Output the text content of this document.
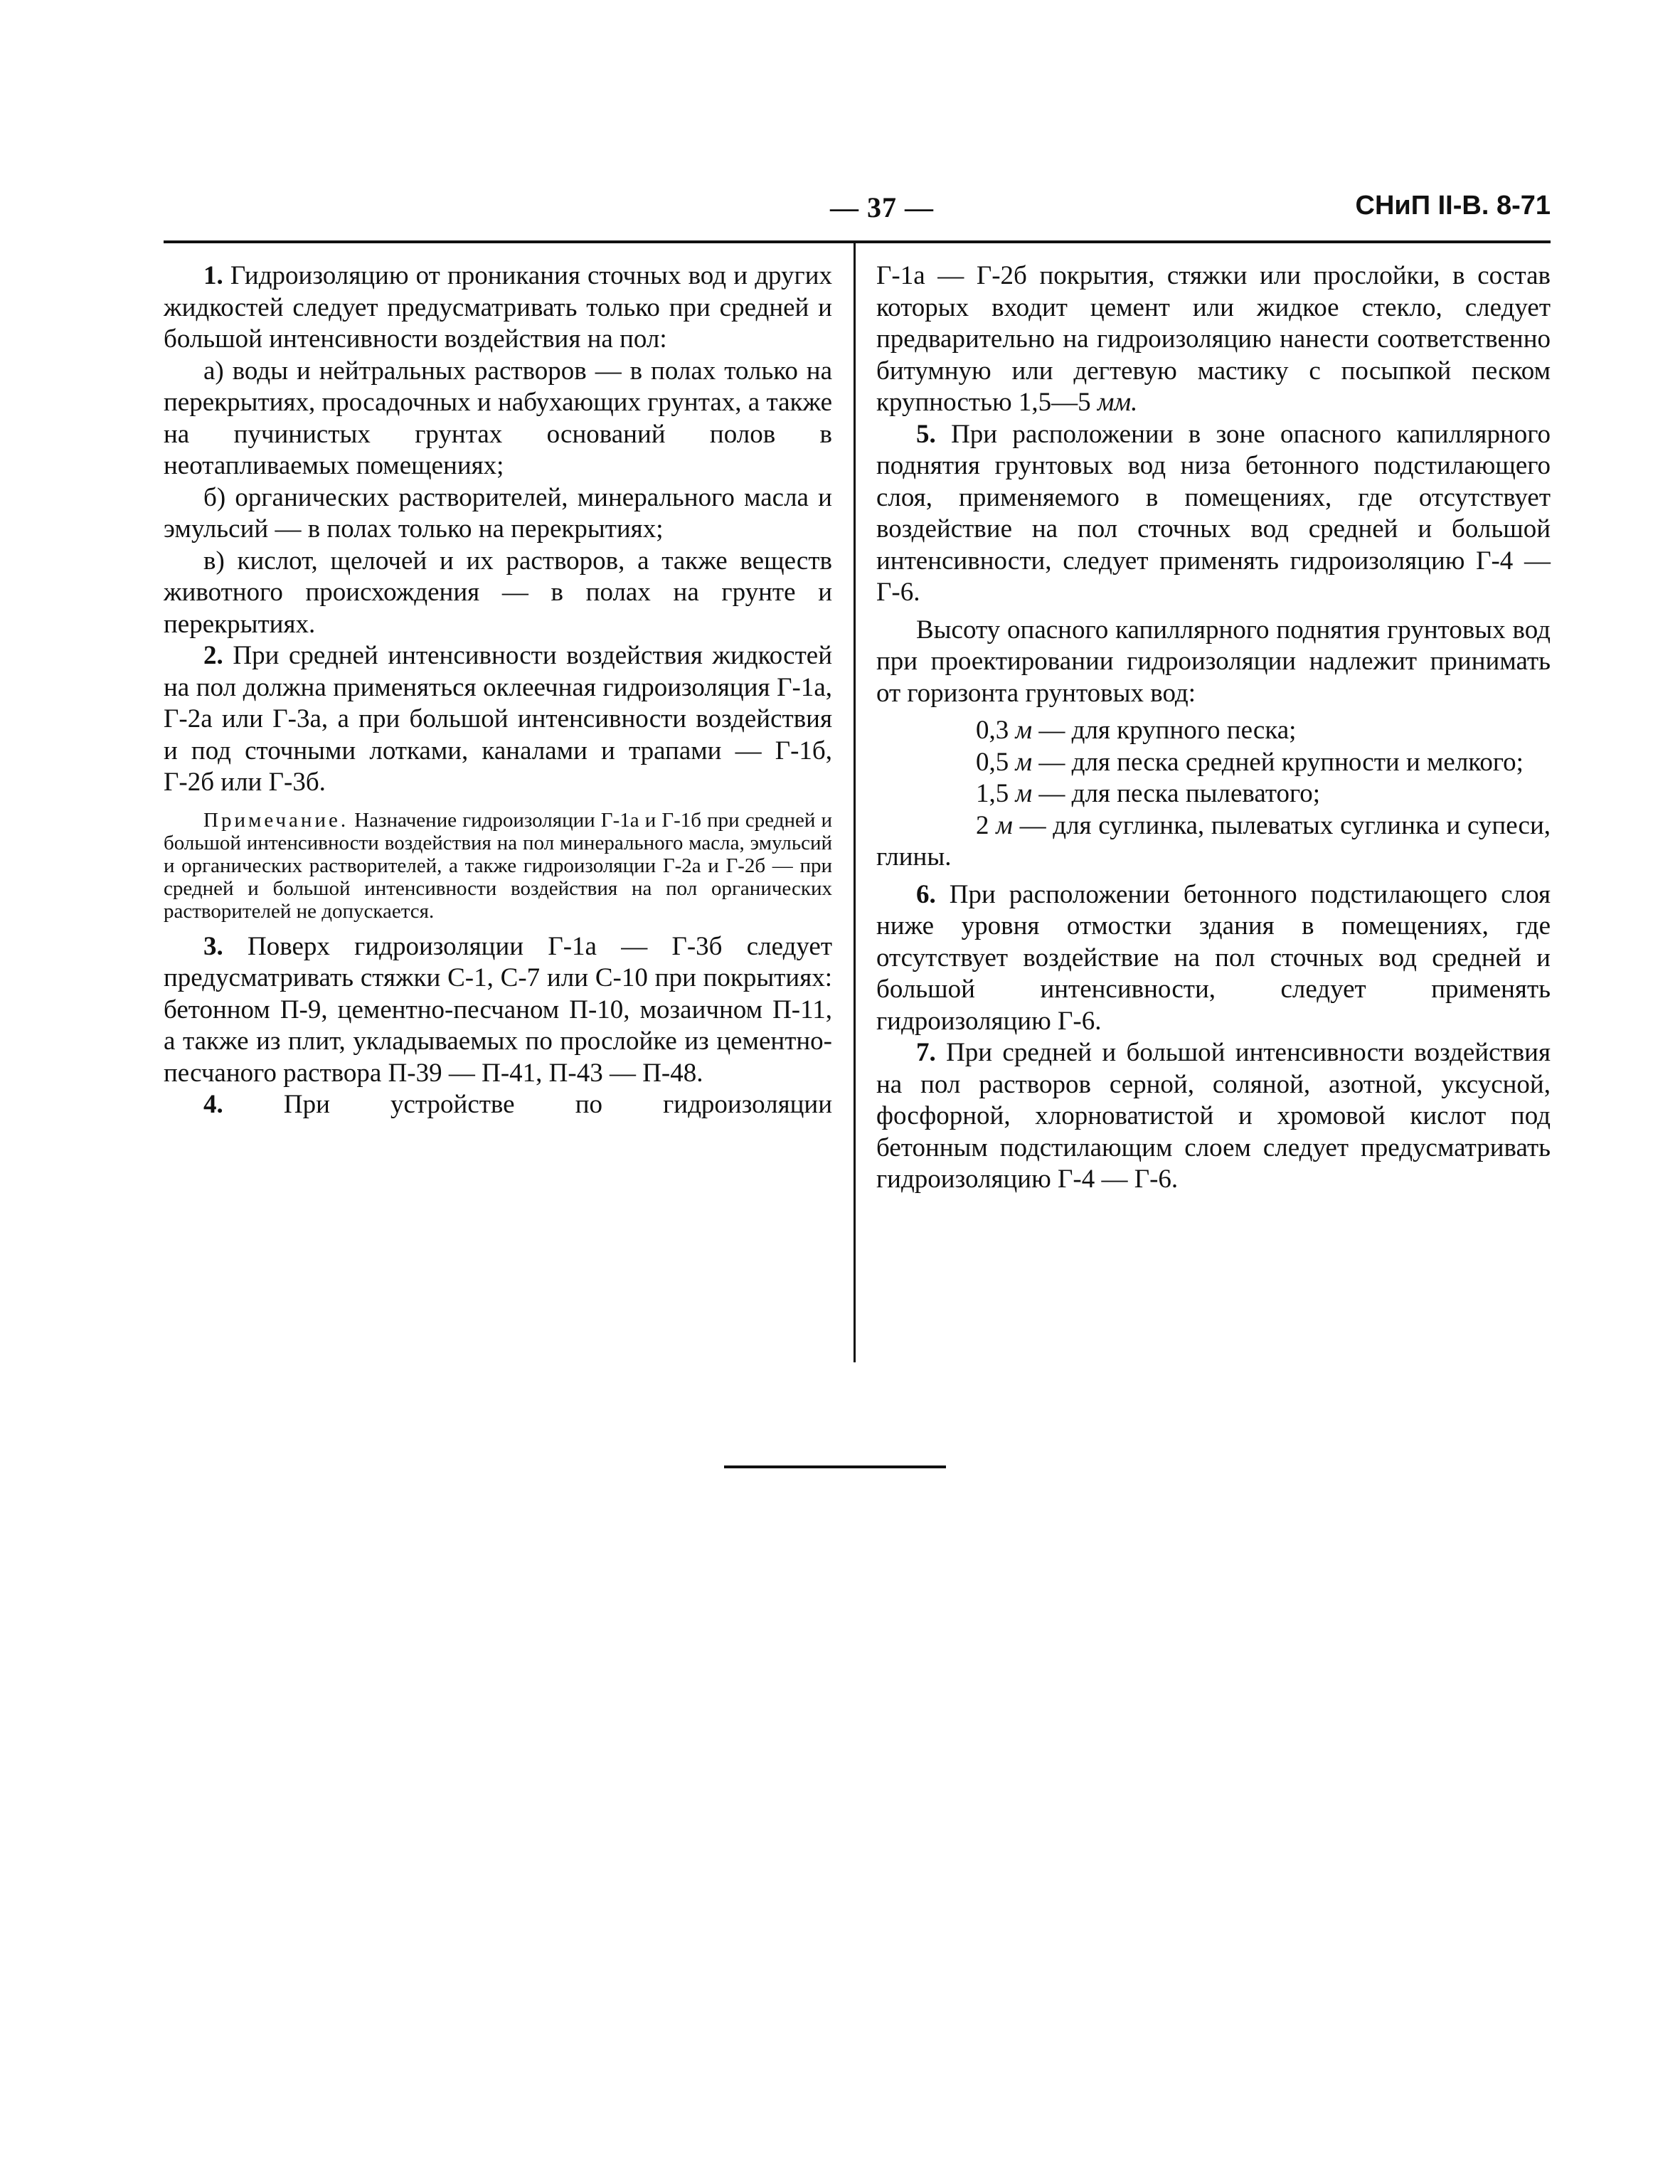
— 37 —	СНиП II-В. 8-71

1. Гидроизоляцию от проникания сточных вод и других жидкостей следует предусматривать только при средней и большой интенсивности воздействия на пол:

а) воды и нейтральных растворов — в полах только на перекрытиях, просадочных и набухающих грунтах, а также на пучинистых грунтах оснований полов в неотапливаемых помещениях;

б) органических растворителей, минерального масла и эмульсий — в полах только на перекрытиях;

в) кислот, щелочей и их растворов, а также веществ животного происхождения — в полах на грунте и перекрытиях.

2. При средней интенсивности воздействия жидкостей на пол должна применяться оклеечная гидроизоляция Г-1а, Г-2а или Г-3а, а при большой интенсивности воздействия и под сточными лотками, каналами и трапами — Г-1б, Г-2б или Г-3б.

Примечание. Назначение гидроизоляции Г-1а и Г-1б при средней и большой интенсивности воздействия на пол минерального масла, эмульсий и органических растворителей, а также гидроизоляции Г-2а и Г-2б — при средней и большой интенсивности воздействия на пол органических растворителей не допускается.

3. Поверх гидроизоляции Г-1а — Г-3б следует предусматривать стяжки С-1, С-7 или С-10 при покрытиях: бетонном П-9, цементно-песчаном П-10, мозаичном П-11, а также из плит, укладываемых по прослойке из цементно-песчаного раствора П-39 — П-41, П-43 — П-48.

4. При устройстве по гидроизоляции

Г-1а — Г-2б покрытия, стяжки или прослойки, в состав которых входит цемент или жидкое стекло, следует предварительно на гидроизоляцию нанести соответственно битумную или дегтевую мастику с посыпкой песком крупностью 1,5—5 мм.

5. При расположении в зоне опасного капиллярного поднятия грунтовых вод низа бетонного подстилающего слоя, применяемого в помещениях, где отсутствует воздействие на пол сточных вод средней и большой интенсивности, следует применять гидроизоляцию Г-4 — Г-6.

Высоту опасного капиллярного поднятия грунтовых вод при проектировании гидроизоляции надлежит принимать от горизонта грунтовых вод:

0,3 м — для крупного песка;

0,5 м — для песка средней крупности и мелкого;

1,5 м — для песка пылеватого;

2 м — для суглинка, пылеватых суглинка и супеси, глины.

6. При расположении бетонного подстилающего слоя ниже уровня отмостки здания в помещениях, где отсутствует воздействие на пол сточных вод средней и большой интенсивности, следует применять гидроизоляцию Г-6.

7. При средней и большой интенсивности воздействия на пол растворов серной, соляной, азотной, уксусной, фосфорной, хлорноватистой и хромовой кислот под бетонным подстилающим слоем следует предусматривать гидроизоляцию Г-4 — Г-6.
